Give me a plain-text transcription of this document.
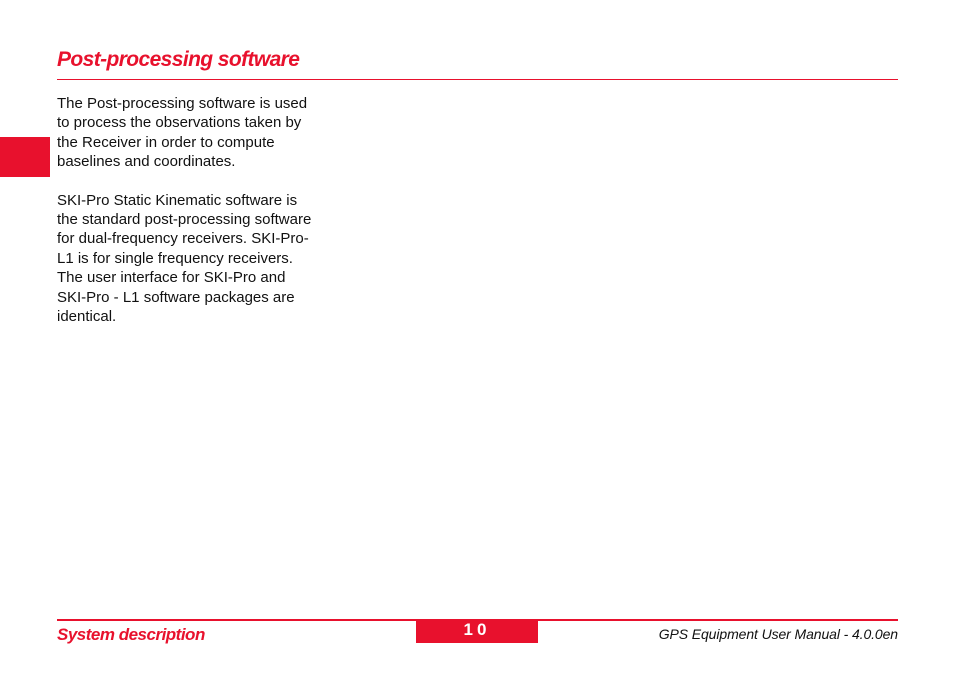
Post-processing software

The Post-processing software is used
to process the observations taken by
the Receiver in order to compute
baselines and coordinates.

SKI-Pro Static Kinematic software is
the standard post-processing software
for dual-frequency receivers. SKI-Pro-
L1 is for single frequency receivers.
The user interface for SKI-Pro and
SKI-Pro - L1 software packages are
identical.

System description	10	GPS Equipment User Manual - 4.0.0en
